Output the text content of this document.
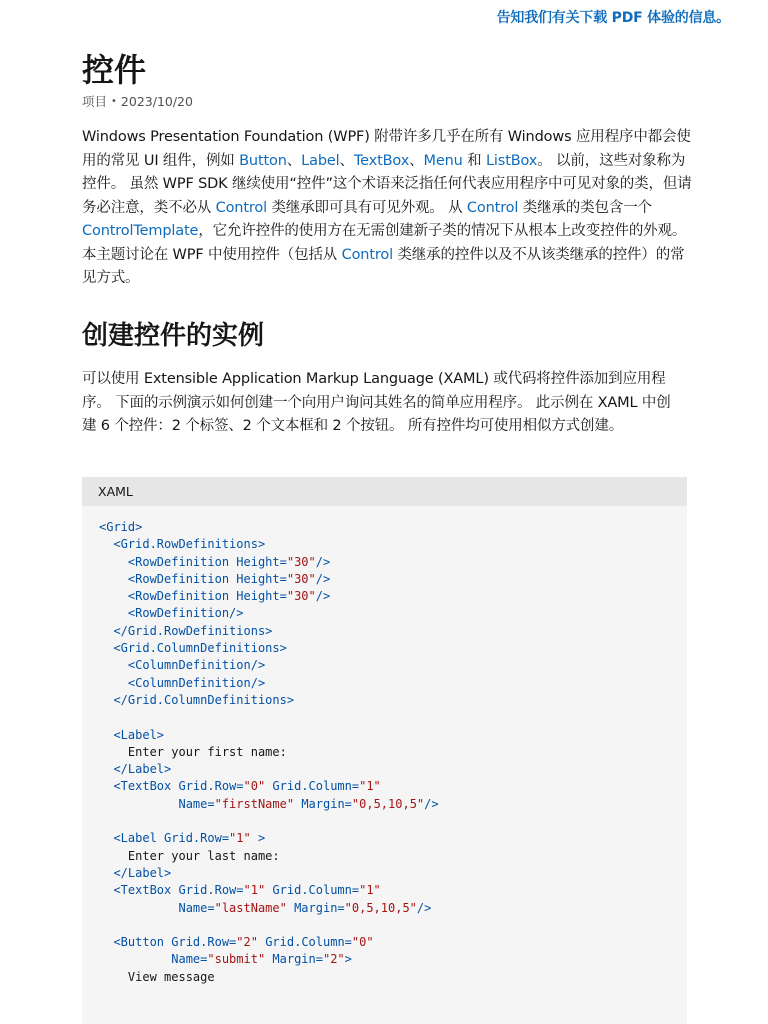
告知我们有关下载 PDF 体验的信息。
控件
项目 • 2023/10/20

Windows Presentation Foundation (WPF) 附带许多几乎在所有 Windows 应用程序中都会使用的常见 UI 组件，例如 Button、Label、TextBox、Menu 和 ListBox。 以前，这些对象称为控件。 虽然 WPF SDK 继续使用“控件”这个术语来泛指任何代表应用程序中可见对象的类，但请务必注意，类不必从 Control 类继承即可具有可见外观。 从 Control 类继承的类包含一个 ControlTemplate，它允许控件的使用方在无需创建新子类的情况下从根本上改变控件的外观。 本主题讨论在 WPF 中使用控件（包括从 Control 类继承的控件以及不从该类继承的控件）的常见方式。

创建控件的实例

可以使用 Extensible Application Markup Language (XAML) 或代码将控件添加到应用程序。 下面的示例演示如何创建一个向用户询问其姓名的简单应用程序。 此示例在 XAML 中创建 6 个控件：2 个标签、2 个文本框和 2 个按钮。 所有控件均可使用相似方式创建。

XAML
<Grid>
<Grid.RowDefinitions>
<RowDefinition Height="30"/>
<RowDefinition Height="30"/>
<RowDefinition Height="30"/>
<RowDefinition/>
</Grid.RowDefinitions>
<Grid.ColumnDefinitions>
<ColumnDefinition/>
<ColumnDefinition/>
</Grid.ColumnDefinitions>

<Label>
Enter your first name:
</Label>
<TextBox Grid.Row="0" Grid.Column="1"
Name="firstName" Margin="0,5,10,5"/>

<Label Grid.Row="1" >
Enter your last name:
</Label>
<TextBox Grid.Row="1" Grid.Column="1"
Name="lastName" Margin="0,5,10,5"/>

<Button Grid.Row="2" Grid.Column="0"
Name="submit" Margin="2">
View message
